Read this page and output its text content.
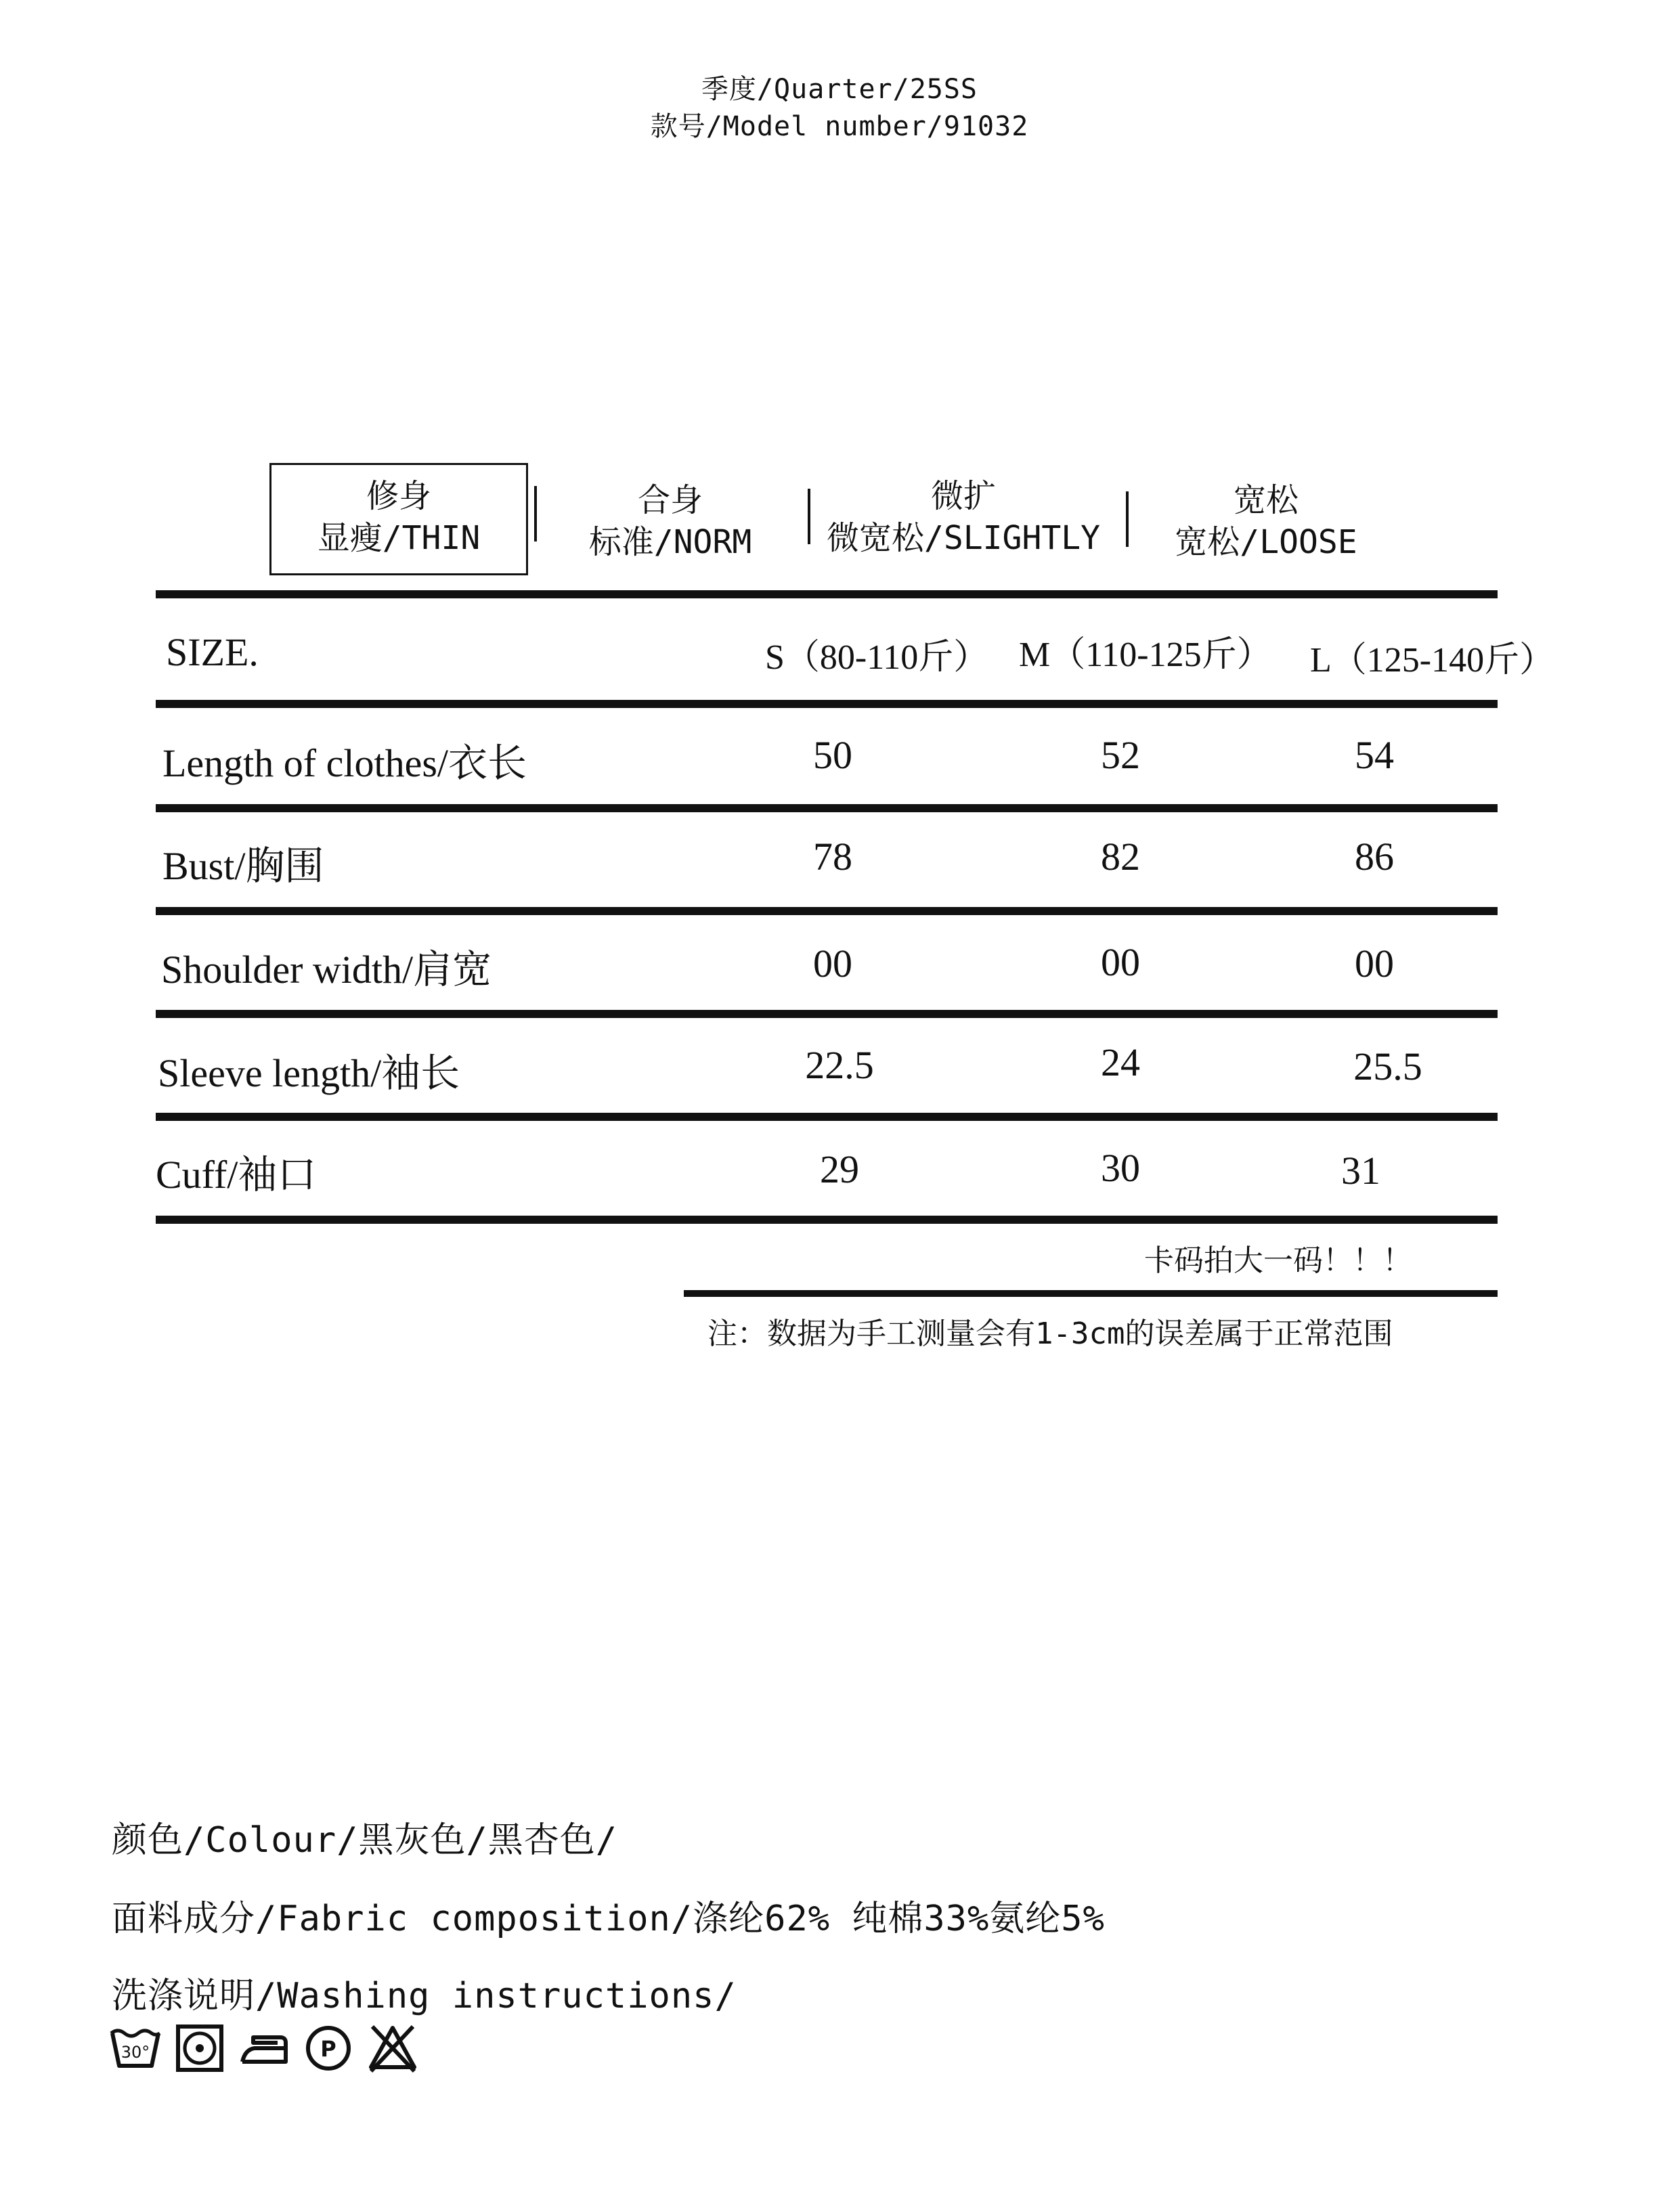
季度/Quarter/25SS
款号/Model number/91032
修身
显瘦/THIN
合身
标准/NORM
微扩
微宽松/SLIGHTLY
宽松
宽松/LOOSE
SIZE.	S（80-110斤） M（110-125斤） L（125-140斤）
Length of clothes/衣长	50	52	54
Bust/胸围	78	82	86
Shoulder width/肩宽	00	00	00
Sleeve length/袖长	22.5	24	25.5
Cuff/袖口	29	30	31
卡码拍大一码！！！
注：数据为手工测量会有1-3cm的误差属于正常范围
颜色/Colour/黑灰色/黑杏色/
面料成分/Fabric composition/涤纶62% 纯棉33%氨纶5%
洗涤说明/Washing instructions/
30°	P
